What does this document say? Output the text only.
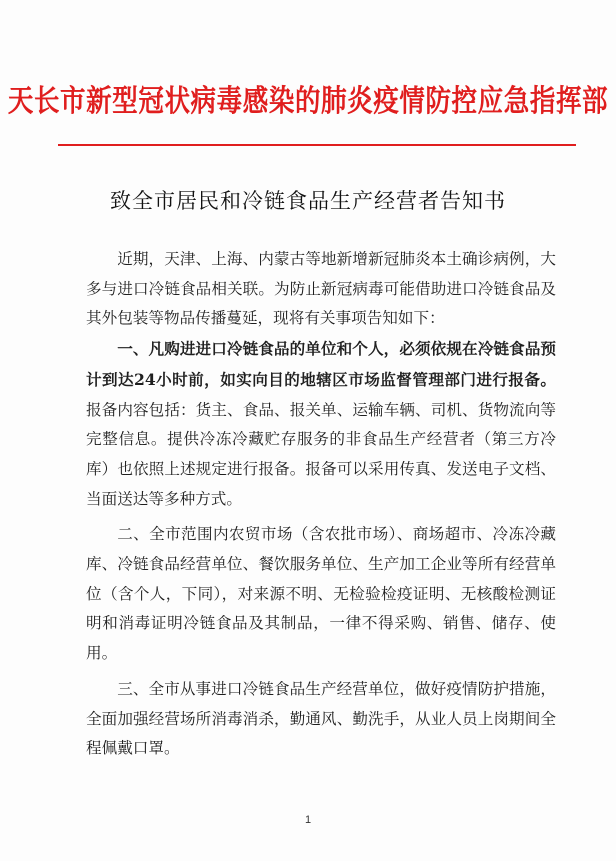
天长市新型冠状病毒感染的肺炎疫情防控应急指挥部
致全市居民和冷链食品生产经营者告知书

近期，天津、上海、内蒙古等地新增新冠肺炎本土确诊病例，大多与进口冷链食品相关联。为防止新冠病毒可能借助进口冷链食品及其外包装等物品传播蔓延，现将有关事项告知如下：

一、凡购进进口冷链食品的单位和个人，必须依规在冷链食品预计到达24小时前，如实向目的地辖区市场监督管理部门进行报备。报备内容包括：货主、食品、报关单、运输车辆、司机、货物流向等完整信息。提供冷冻冷藏贮存服务的非食品生产经营者（第三方冷库）也依照上述规定进行报备。报备可以采用传真、发送电子文档、当面送达等多种方式。

二、全市范围内农贸市场（含农批市场）、商场超市、冷冻冷藏库、冷链食品经营单位、餐饮服务单位、生产加工企业等所有经营单位（含个人，下同），对来源不明、无检验检疫证明、无核酸检测证明和消毒证明冷链食品及其制品，一律不得采购、销售、储存、使用。

三、全市从事进口冷链食品生产经营单位，做好疫情防护措施，全面加强经营场所消毒消杀，勤通风、勤洗手，从业人员上岗期间全程佩戴口罩。

1
